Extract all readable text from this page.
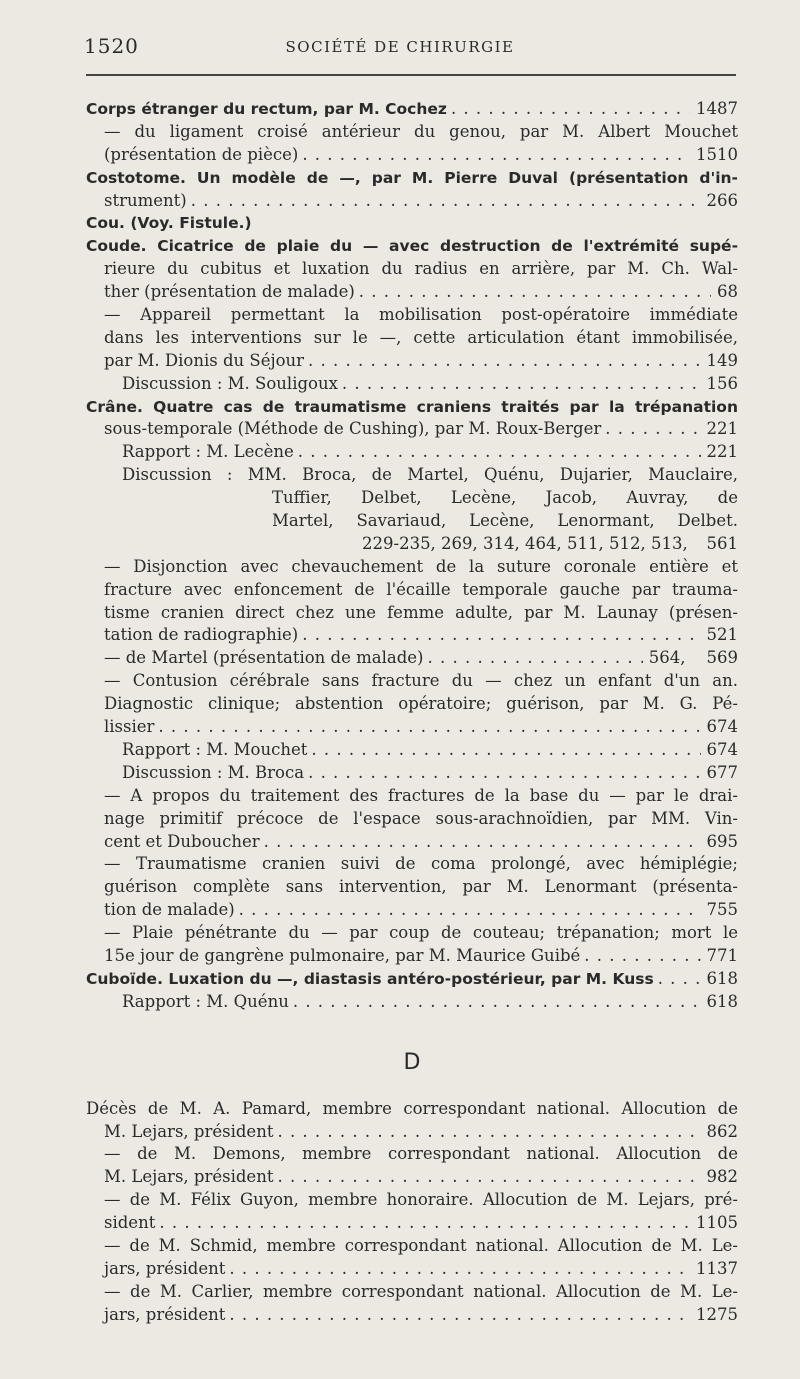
1520	SOCIÉTÉ DE CHIRURGIE
Corps étranger du rectum, par M. Cochez	1487
. . .
— du ligament croisé antérieur du genou, par M. Albert Mouchet
(présentation de pièce)	1510
. . .
Costotome. Un modèle de —, par M. Pierre Duval (présentation d'in-
strument)	266
. . .
Cou. (Voy. Fistule.)
Coude. Cicatrice de plaie du — avec destruction de l'extrémité supé-
rieure du cubitus et luxation du radius en arrière, par M. Ch. Wal-
ther (présentation de malade)	68
. . .
— Appareil permettant la mobilisation post-opératoire immédiate
dans les interventions sur le —, cette articulation étant immobilisée,
par M. Dionis du Séjour	149
. . .
Discussion : M. Souligoux	156
. . .
Crâne. Quatre cas de traumatisme craniens traités par la trépanation
sous-temporale (Méthode de Cushing), par M. Roux-Berger	221
. . .
Rapport : M. Lecène	221
. . .
Discussion : MM. Broca, de Martel, Quénu, Dujarier, Mauclaire,
Tuffier, Delbet, Lecène, Jacob, Auvray, de
Martel, Savariaud, Lecène, Lenormant, Delbet.
229-235, 269, 314, 464, 511, 512, 513,	561
— Disjonction avec chevauchement de la suture coronale entière et
fracture avec enfoncement de l'écaille temporale gauche par trauma-
tisme cranien direct chez une femme adulte, par M. Launay (présen-
tation de radiographie)	521
. . .
— de Martel (présentation de malade)	564, 569
. . .
— Contusion cérébrale sans fracture du — chez un enfant d'un an.
Diagnostic clinique; abstention opératoire; guérison, par M. G. Pé-
lissier	674
. . .
Rapport : M. Mouchet	674
. . .
Discussion : M. Broca	677
. . .
— A propos du traitement des fractures de la base du — par le drai-
nage primitif précoce de l'espace sous-arachnoïdien, par MM. Vin-
cent et Duboucher	695
. . .
— Traumatisme cranien suivi de coma prolongé, avec hémiplégie;
guérison complète sans intervention, par M. Lenormant (présenta-
tion de malade)	755
. . .
— Plaie pénétrante du — par coup de couteau; trépanation; mort le
15e jour de gangrène pulmonaire, par M. Maurice Guibé	771
. . .
Cuboïde. Luxation du —, diastasis antéro-postérieur, par M. Kuss	618
. . .
Rapport : M. Quénu	618
. . .
D
Décès de M. A. Pamard, membre correspondant national. Allocution de
M. Lejars, président	862
. . .
— de M. Demons, membre correspondant national. Allocution de
M. Lejars, président	982
. . .
— de M. Félix Guyon, membre honoraire. Allocution de M. Lejars, pré-
sident	1105
. . .
— de M. Schmid, membre correspondant national. Allocution de M. Le-
jars, président	1137
. . .
— de M. Carlier, membre correspondant national. Allocution de M. Le-
jars, président	1275
. . .
